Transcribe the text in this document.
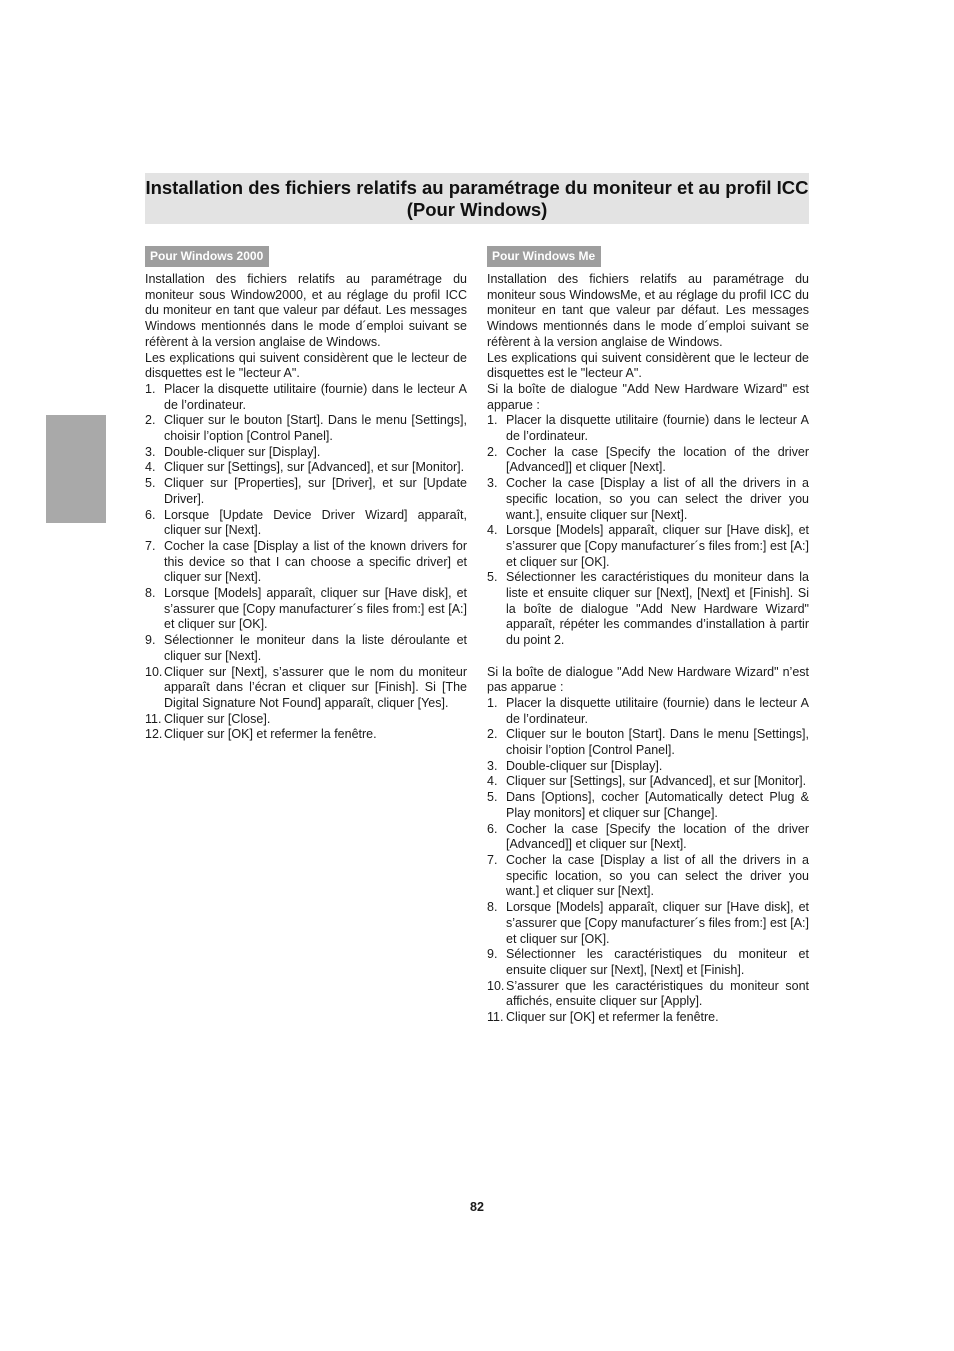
Installation des fichiers relatifs au paramétrage du moniteur et au profil ICC (Pour Windows)
Pour Windows 2000

Installation des fichiers relatifs au paramétrage du moniteur sous Window2000, et au réglage du profil ICC du moniteur en tant que valeur par défaut. Les messages Windows mentionnés dans le mode d´emploi suivant se réfèrent à la version anglaise de Windows.

Les explications qui suivent considèrent que le lecteur de disquettes est le "lecteur A".

1. Placer la disquette utilitaire (fournie) dans le lecteur A de l’ordinateur.
2. Cliquer sur le bouton [Start]. Dans le menu [Settings], choisir l’option [Control Panel].
3. Double-cliquer sur [Display].
4. Cliquer sur [Settings], sur [Advanced], et sur [Monitor].
5. Cliquer sur [Properties], sur [Driver], et sur [Update Driver].
6. Lorsque [Update Device Driver Wizard] apparaît, cliquer sur [Next].
7. Cocher la case [Display a list of the known drivers for this device so that I can choose a specific driver] et cliquer sur [Next].
8. Lorsque [Models] apparaît, cliquer sur [Have disk], et s’assurer que [Copy manufacturer´s files from:] est [A:] et cliquer sur [OK].
9. Sélectionner le moniteur dans la liste déroulante et cliquer sur [Next].
10. Cliquer sur [Next], s’assurer que le nom du moniteur apparaît dans l’écran et cliquer sur [Finish]. Si [The Digital Signature Not Found] apparaît, cliquer [Yes].
11. Cliquer sur [Close].
12. Cliquer sur [OK] et refermer la fenêtre.
Pour Windows Me

Installation des fichiers relatifs au paramétrage du moniteur sous WindowsMe, et au réglage du profil ICC du moniteur en tant que valeur par défaut. Les messages Windows mentionnés dans le mode d´emploi suivant se réfèrent à la version anglaise de Windows.

Les explications qui suivent considèrent que le lecteur de disquettes est le "lecteur A".

Si la boîte de dialogue "Add New Hardware Wizard" est apparue :

1. Placer la disquette utilitaire (fournie) dans le lecteur A de l’ordinateur.
2. Cocher la case [Specify the location of the driver [Advanced]] et cliquer [Next].
3. Cocher la case [Display a list of all the drivers in a specific location, so you can select the driver you want.], ensuite cliquer sur [Next].
4. Lorsque [Models] apparaît, cliquer sur [Have disk], et s’assurer que [Copy manufacturer´s files from:] est [A:] et cliquer sur [OK].
5. Sélectionner les caractéristiques du moniteur dans la liste et ensuite cliquer sur [Next], [Next] et [Finish]. Si la boîte de dialogue "Add New Hardware Wizard" apparaît, répéter les commandes d’installation à partir du point 2.

Si la boîte de dialogue "Add New Hardware Wizard" n’est pas apparue :

1. Placer la disquette utilitaire (fournie) dans le lecteur A de l’ordinateur.
2. Cliquer sur le bouton [Start]. Dans le menu [Settings], choisir l’option [Control Panel].
3. Double-cliquer sur [Display].
4. Cliquer sur [Settings], sur [Advanced], et sur [Monitor].
5. Dans [Options], cocher [Automatically detect Plug & Play monitors] et cliquer sur [Change].
6. Cocher la case [Specify the location of the driver [Advanced]] et cliquer sur [Next].
7. Cocher la case [Display a list of all the drivers in a specific location, so you can select the driver you want.] et cliquer sur [Next].
8. Lorsque [Models] apparaît, cliquer sur [Have disk], et s’assurer que [Copy manufacturer´s files from:] est [A:] et cliquer sur [OK].
9. Sélectionner les caractéristiques du moniteur et ensuite cliquer sur [Next], [Next] et [Finish].
10. S’assurer que les caractéristiques du moniteur sont affichés, ensuite cliquer sur [Apply].
11. Cliquer sur [OK] et refermer la fenêtre.
82
